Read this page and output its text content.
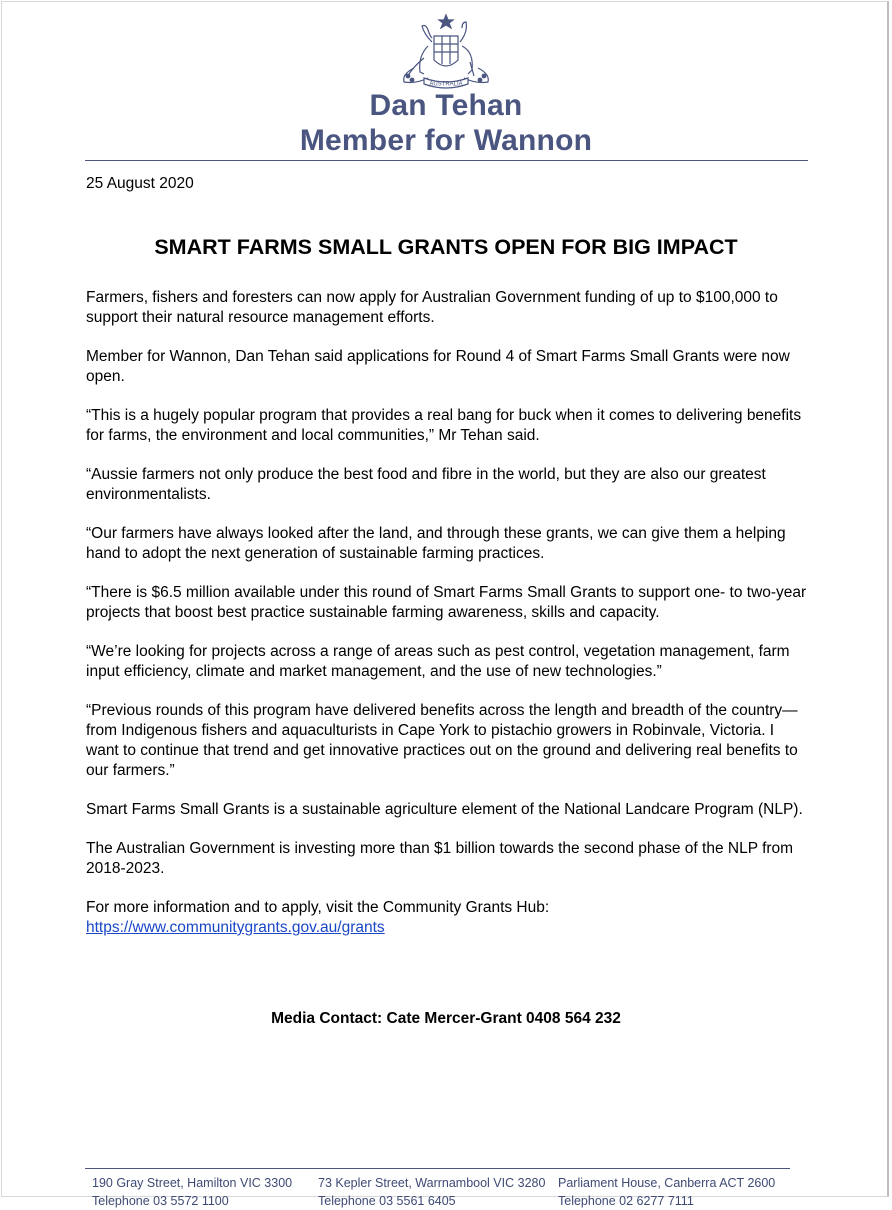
AUSTRALIA
Dan Tehan
Member for Wannon
25 August 2020
SMART FARMS SMALL GRANTS OPEN FOR BIG IMPACT

Farmers, fishers and foresters can now apply for Australian Government funding of up to $100,000 to support their natural resource management efforts.

Member for Wannon, Dan Tehan said applications for Round 4 of Smart Farms Small Grants were now open.

“This is a hugely popular program that provides a real bang for buck when it comes to delivering benefits for farms, the environment and local communities,” Mr Tehan said.

“Aussie farmers not only produce the best food and fibre in the world, but they are also our greatest environmentalists.

“Our farmers have always looked after the land, and through these grants, we can give them a helping hand to adopt the next generation of sustainable farming practices.

“There is $6.5 million available under this round of Smart Farms Small Grants to support one- to two-year projects that boost best practice sustainable farming awareness, skills and capacity.

“We’re looking for projects across a range of areas such as pest control, vegetation management, farm input efficiency, climate and market management, and the use of new technologies.”

“Previous rounds of this program have delivered benefits across the length and breadth of the country—from Indigenous fishers and aquaculturists in Cape York to pistachio growers in Robinvale, Victoria. I want to continue that trend and get innovative practices out on the ground and delivering real benefits to our farmers.”

Smart Farms Small Grants is a sustainable agriculture element of the National Landcare Program (NLP).

The Australian Government is investing more than $1 billion towards the second phase of the NLP from 2018-2023.

For more information and to apply, visit the Community Grants Hub:
https://www.communitygrants.gov.au/grants

Media Contact: Cate Mercer-Grant 0408 564 232
190 Gray Street, Hamilton VIC 3300
Telephone 03 5572 1100
73 Kepler Street, Warrnambool VIC 3280
Telephone 03 5561 6405
Parliament House, Canberra ACT 2600
Telephone 02 6277 7111
